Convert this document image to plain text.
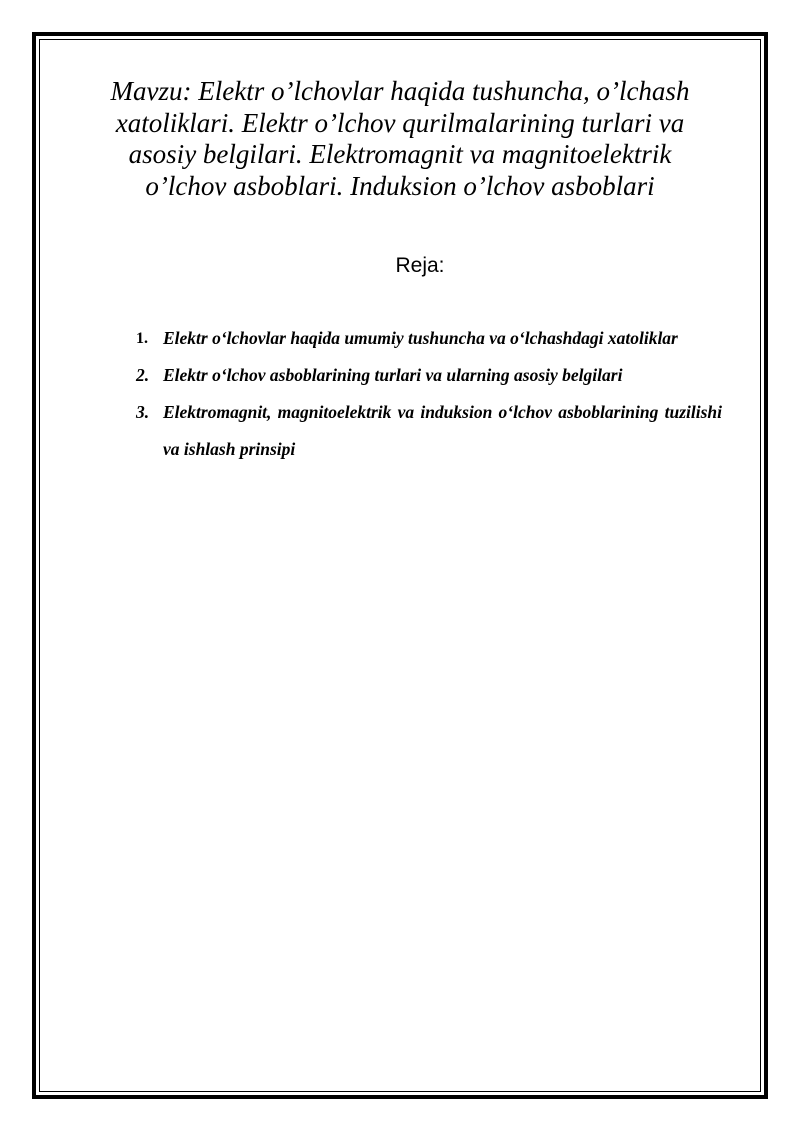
Mavzu: Elektr o’lchovlar haqida tushuncha, o’lchash xatoliklari. Elektr o’lchov qurilmalarining turlari va asosiy belgilari. Elektromagnit va magnitoelektrik o’lchov asboblari. Induksion o’lchov asboblari
Reja:
1. Elektr o‘lchovlar haqida umumiy tushuncha va o‘lchashdagi xatoliklar
2. Elektr o‘lchov asboblarining turlari va ularning asosiy belgilari
3. Elektromagnit, magnitoelektrik va induksion o‘lchov asboblarining tuzilishi va ishlash prinsipi
